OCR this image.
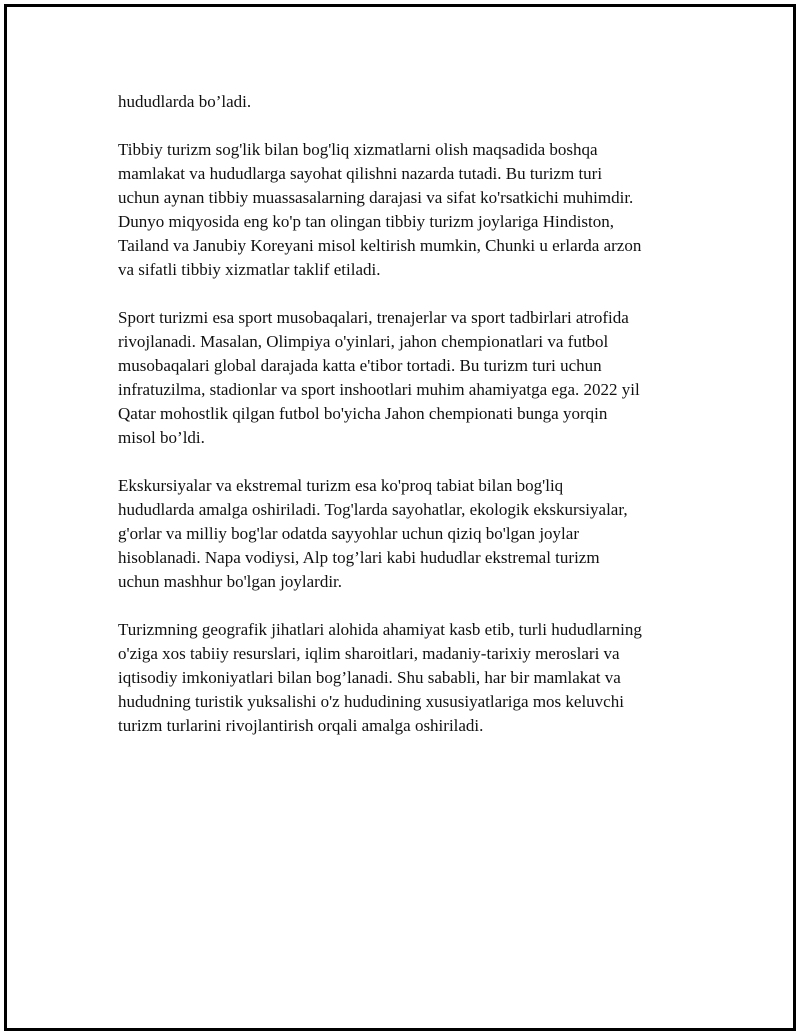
hududlarda bo’ladi.

Tibbiy turizm sog'lik bilan bog'liq xizmatlarni olish maqsadida boshqa
mamlakat va hududlarga sayohat qilishni nazarda tutadi. Bu turizm turi
uchun aynan tibbiy muassasalarning darajasi va sifat ko'rsatkichi muhimdir.
Dunyo miqyosida eng ko'p tan olingan tibbiy turizm joylariga Hindiston,
Tailand va Janubiy Koreyani misol keltirish mumkin, Chunki u erlarda arzon
va sifatli tibbiy xizmatlar taklif etiladi.

Sport turizmi esa sport musobaqalari, trenajerlar va sport tadbirlari atrofida
rivojlanadi. Masalan, Olimpiya o'yinlari, jahon chempionatlari va futbol
musobaqalari global darajada katta e'tibor tortadi. Bu turizm turi uchun
infratuzilma, stadionlar va sport inshootlari muhim ahamiyatga ega. 2022 yil
Qatar mohostlik qilgan futbol bo'yicha Jahon chempionati bunga yorqin
misol bo’ldi.

Ekskursiyalar va ekstremal turizm esa ko'proq tabiat bilan bog'liq
hududlarda amalga oshiriladi. Tog'larda sayohatlar, ekologik ekskursiyalar,
g'orlar va milliy bog'lar odatda sayyohlar uchun qiziq bo'lgan joylar
hisoblanadi. Napa vodiysi, Alp tog’lari kabi hududlar ekstremal turizm
uchun mashhur bo'lgan joylardir.

Turizmning geografik jihatlari alohida ahamiyat kasb etib, turli hududlarning
o'ziga xos tabiiy resurslari, iqlim sharoitlari, madaniy-tarixiy meroslari va
iqtisodiy imkoniyatlari bilan bog’lanadi. Shu sababli, har bir mamlakat va
hududning turistik yuksalishi o'z hududining xususiyatlariga mos keluvchi
turizm turlarini rivojlantirish orqali amalga oshiriladi.
